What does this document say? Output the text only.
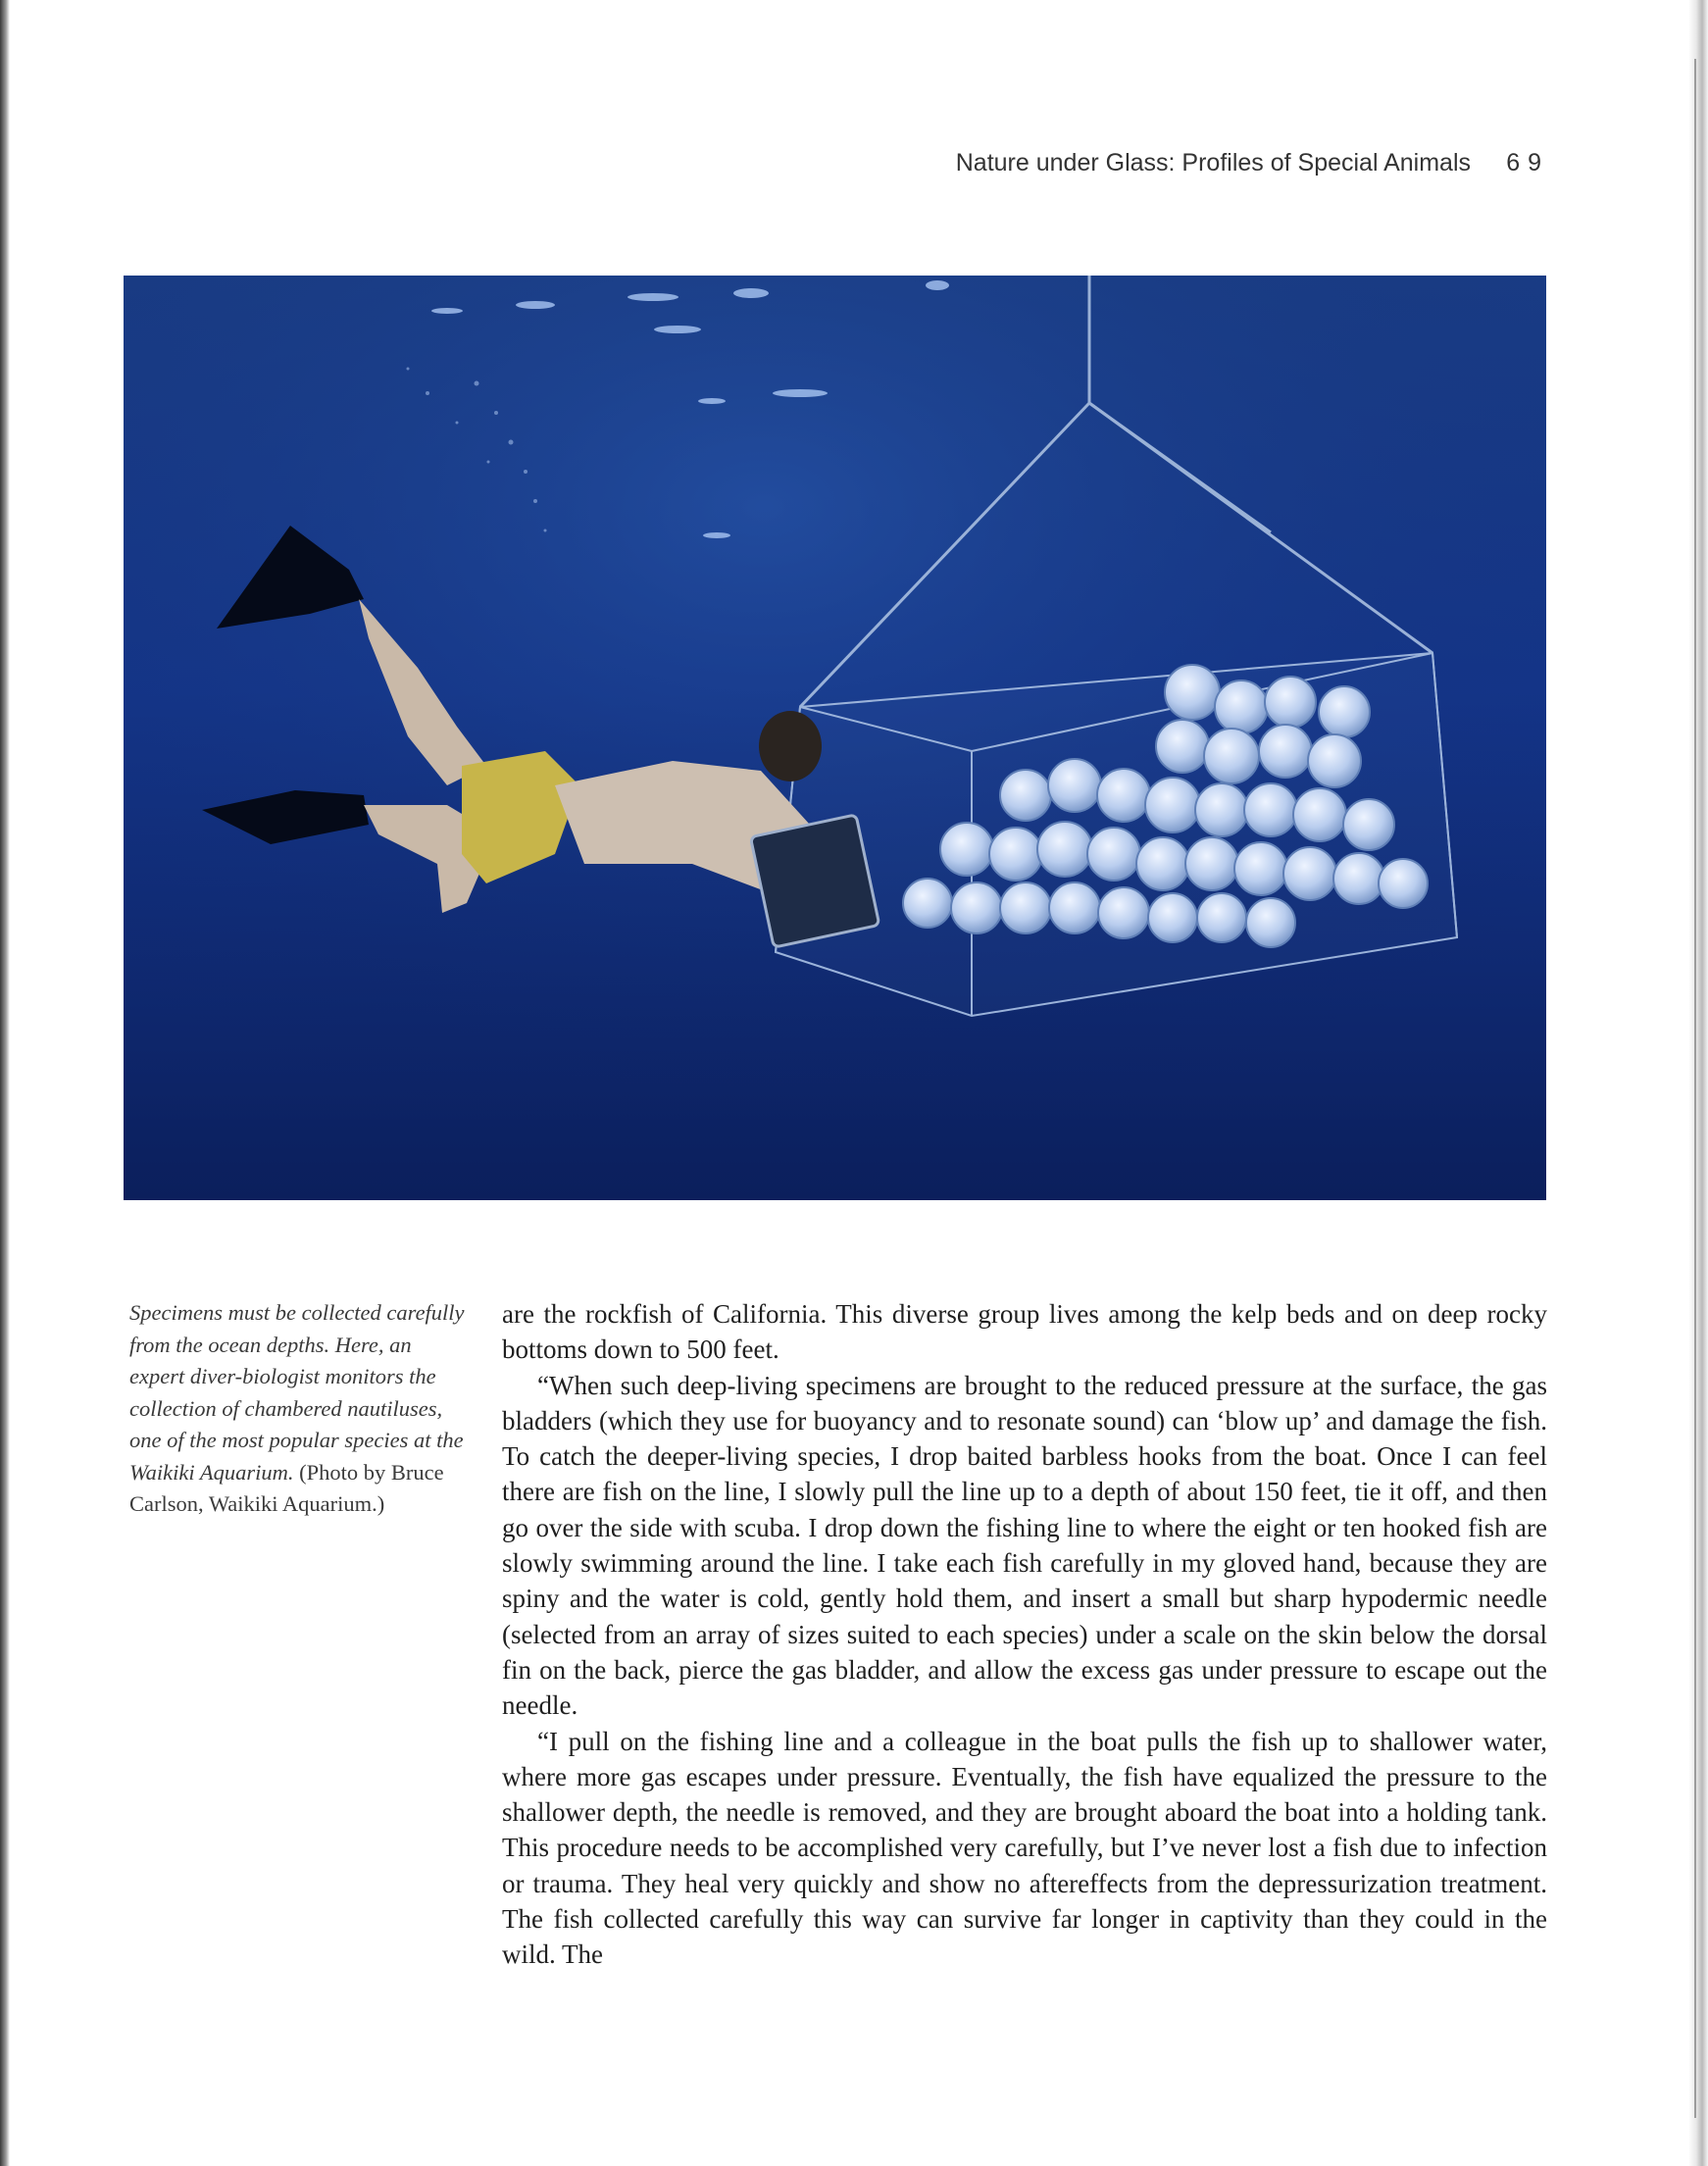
Nature under Glass: Profiles of Special Animals	69
Specimens must be collected carefully from the ocean depths. Here, an expert diver-biologist monitors the collection of chambered nautiluses, one of the most popular species at the Waikiki Aquarium. (Photo by Bruce Carlson, Waikiki Aquarium.)

are the rockfish of California. This diverse group lives among the kelp beds and on deep rocky bottoms down to 500 feet.

“When such deep-living specimens are brought to the reduced pressure at the surface, the gas bladders (which they use for buoyancy and to resonate sound) can ‘blow up’ and damage the fish. To catch the deeper-living species, I drop baited barbless hooks from the boat. Once I can feel there are fish on the line, I slowly pull the line up to a depth of about 150 feet, tie it off, and then go over the side with scuba. I drop down the fishing line to where the eight or ten hooked fish are slowly swimming around the line. I take each fish carefully in my gloved hand, because they are spiny and the water is cold, gently hold them, and insert a small but sharp hypodermic needle (selected from an array of sizes suited to each species) under a scale on the skin below the dorsal fin on the back, pierce the gas bladder, and allow the excess gas under pressure to escape out the needle.

“I pull on the fishing line and a colleague in the boat pulls the fish up to shallower water, where more gas escapes under pressure. Eventually, the fish have equalized the pressure to the shallower depth, the needle is removed, and they are brought aboard the boat into a holding tank. This procedure needs to be accomplished very carefully, but I’ve never lost a fish due to infection or trauma. They heal very quickly and show no aftereffects from the depressurization treatment. The fish collected carefully this way can survive far longer in captivity than they could in the wild. The
